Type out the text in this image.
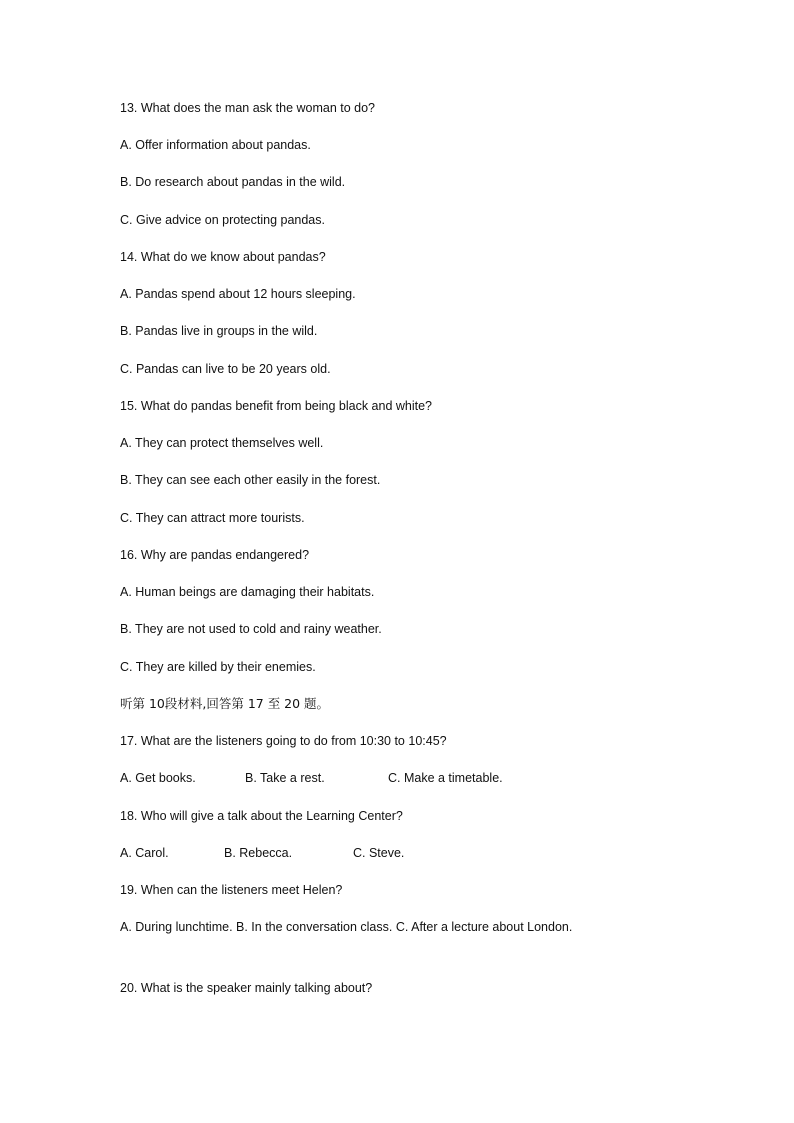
13. What does the man ask the woman to do?
A. Offer information about pandas.
B. Do research about pandas in the wild.
C. Give advice on protecting pandas.
14. What do we know about pandas?
A. Pandas spend about 12 hours sleeping.
B. Pandas live in groups in the wild.
C. Pandas can live to be 20 years old.
15. What do pandas benefit from being black and white?
A. They can protect themselves well.
B. They can see each other easily in the forest.
C. They can attract more tourists.
16. Why are pandas endangered?
A. Human beings are damaging their habitats.
B. They are not used to cold and rainy weather.
C. They are killed by their enemies.
听第 10段材料,回答第 17 至 20 题。
17. What are the listeners going to do from 10:30 to 10:45?
A. Get books.	B. Take a rest.	C. Make a timetable.
18. Who will give a talk about the Learning Center?
A. Carol.	B. Rebecca.	C. Steve.
19. When can the listeners meet Helen?
A. During lunchtime. B. In the conversation class. C. After a lecture about London.
20. What is the speaker mainly talking about?
